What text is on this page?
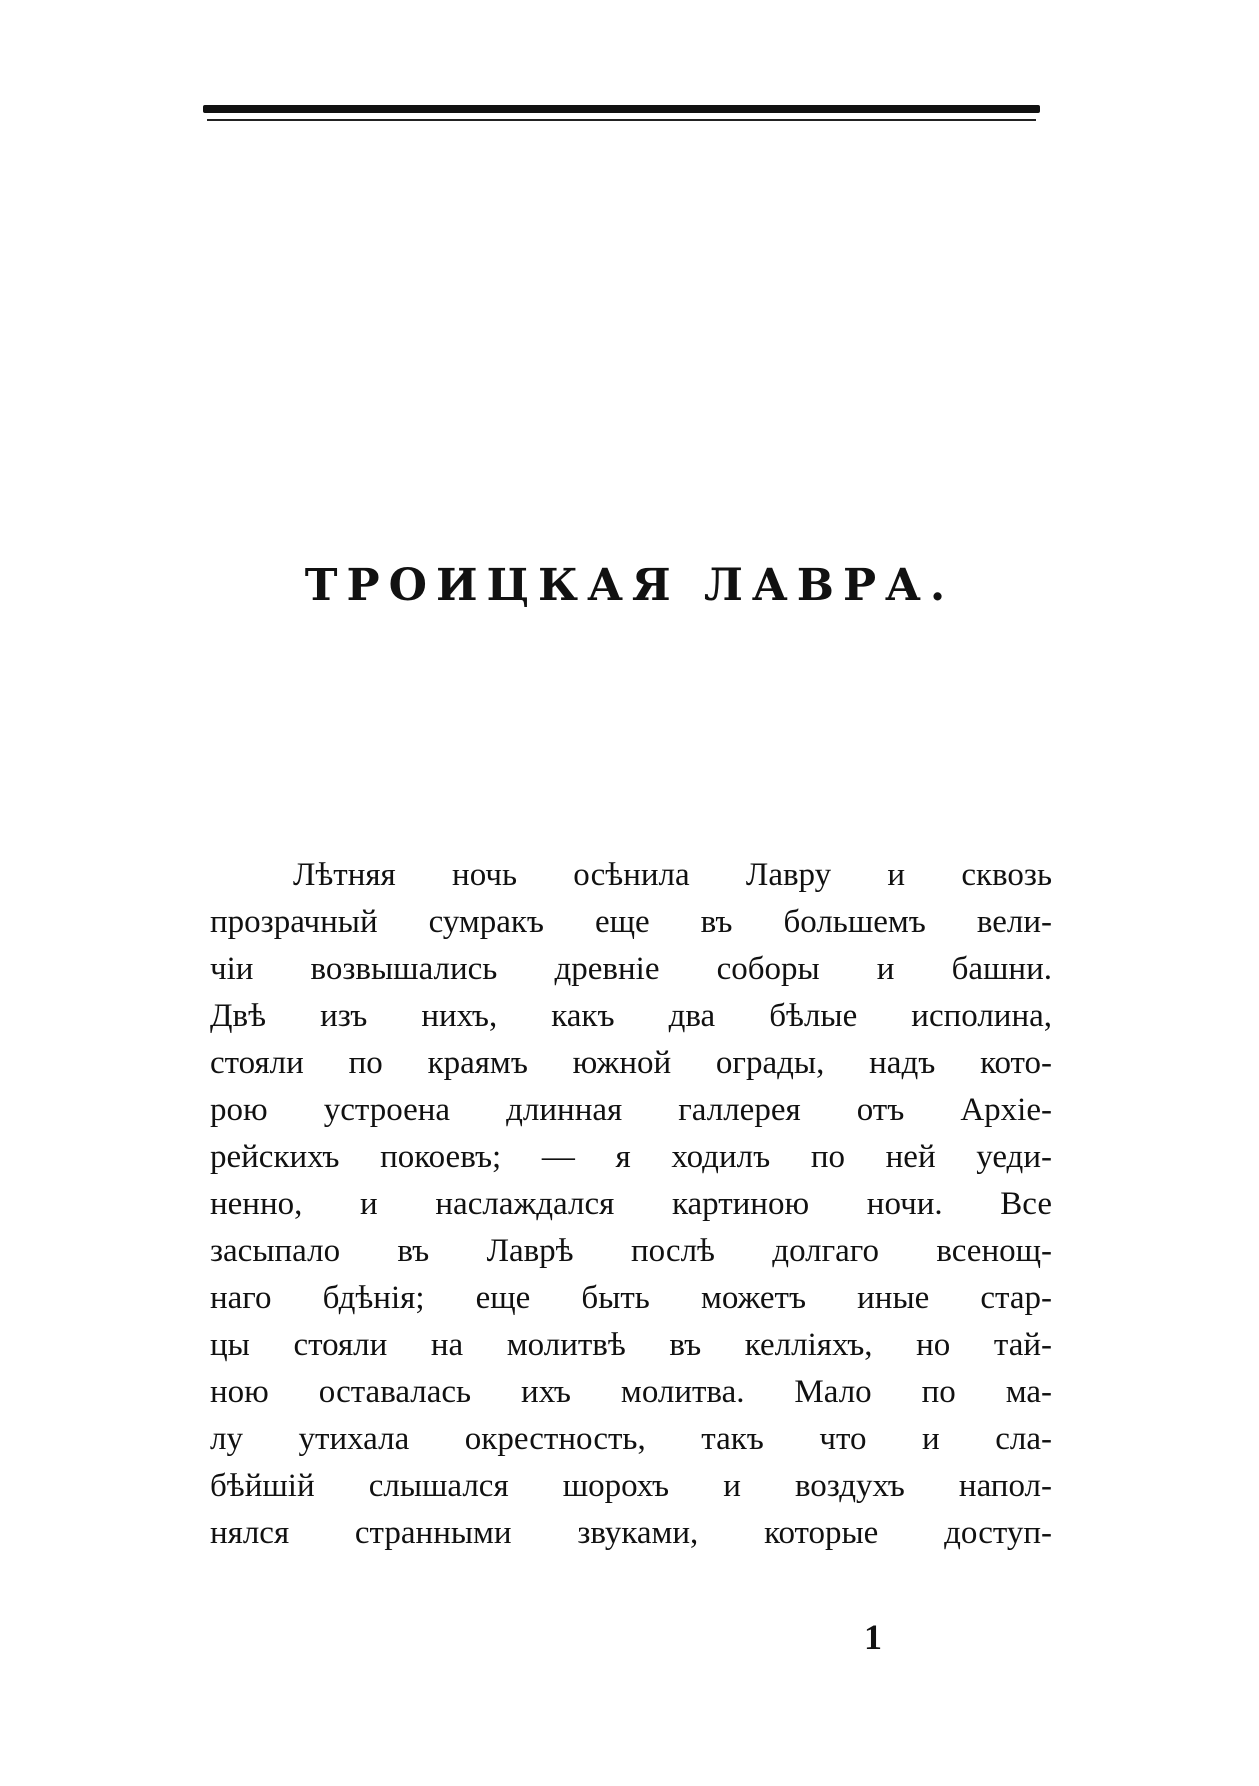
ТРОИЦКАЯ ЛАВРА.
Лѣтняя ночь осѣнила Лавру и сквозь
прозрачный сумракъ еще въ большемъ вели-
чіи возвышались древніе соборы и башни.
Двѣ изъ нихъ, какъ два бѣлые исполина,
стояли по краямъ южной ограды, надъ кото-
рою устроена длинная галлерея отъ Архіе-
рейскихъ покоевъ; — я ходилъ по ней уеди-
ненно, и наслаждался картиною ночи. Все
засыпало въ Лаврѣ послѣ долгаго всенощ-
наго бдѣнія; еще быть можетъ иные стар-
цы стояли на молитвѣ въ келліяхъ, но тай-
ною оставалась ихъ молитва. Мало по ма-
лу утихала окрестность, такъ что и сла-
бѣйшій слышался шорохъ и воздухъ напол-
нялся странными звуками, которые доступ-
1
